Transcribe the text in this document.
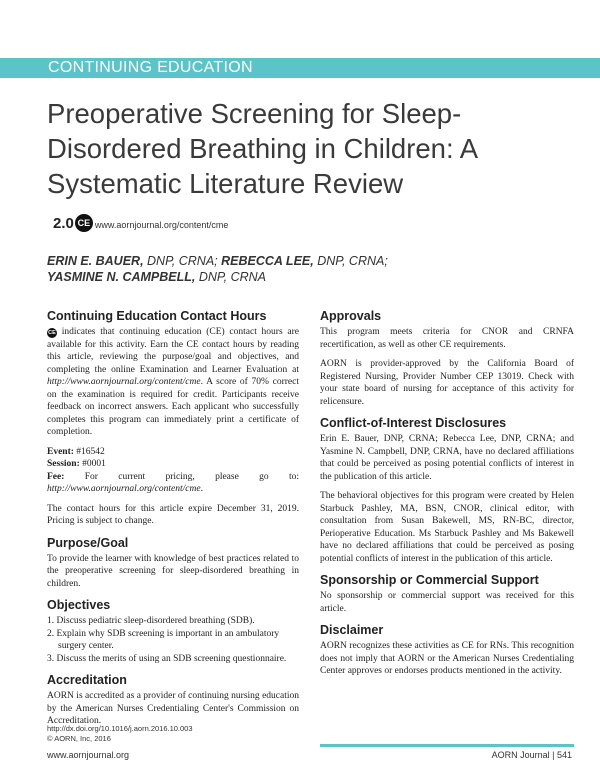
CONTINUING EDUCATION
Preoperative Screening for Sleep-Disordered Breathing in Children: A Systematic Literature Review 2.0 CE www.aornjournal.org/content/cme
ERIN E. BAUER, DNP, CRNA; REBECCA LEE, DNP, CRNA;
YASMINE N. CAMPBELL, DNP, CRNA
Continuing Education Contact Hours

CE indicates that continuing education (CE) contact hours are available for this activity. Earn the CE contact hours by reading this article, reviewing the purpose/goal and objectives, and completing the online Examination and Learner Evaluation at http://www.aornjournal.org/content/cme. A score of 70% correct on the examination is required for credit. Participants receive feedback on incorrect answers. Each applicant who successfully completes this program can immediately print a certificate of completion.

Event: #16542

Session: #0001

Fee: For current pricing, please go to: http://www.aornjournal.org/content/cme.

The contact hours for this article expire December 31, 2019. Pricing is subject to change.

Purpose/Goal

To provide the learner with knowledge of best practices related to the preoperative screening for sleep-disordered breathing in children.

Objectives
1. Discuss pediatric sleep-disordered breathing (SDB).
2. Explain why SDB screening is important in an ambulatory surgery center.
3. Discuss the merits of using an SDB screening questionnaire.
Accreditation

AORN is accredited as a provider of continuing nursing education by the American Nurses Credentialing Center's Commission on Accreditation.

Approvals

This program meets criteria for CNOR and CRNFA recertification, as well as other CE requirements.

AORN is provider-approved by the California Board of Registered Nursing, Provider Number CEP 13019. Check with your state board of nursing for acceptance of this activity for relicensure.

Conflict-of-Interest Disclosures

Erin E. Bauer, DNP, CRNA; Rebecca Lee, DNP, CRNA; and Yasmine N. Campbell, DNP, CRNA, have no declared affiliations that could be perceived as posing potential conflicts of interest in the publication of this article.

The behavioral objectives for this program were created by Helen Starbuck Pashley, MA, BSN, CNOR, clinical editor, with consultation from Susan Bakewell, MS, RN-BC, director, Perioperative Education. Ms Starbuck Pashley and Ms Bakewell have no declared affiliations that could be perceived as posing potential conflicts of interest in the publication of this article.

Sponsorship or Commercial Support

No sponsorship or commercial support was received for this article.

Disclaimer

AORN recognizes these activities as CE for RNs. This recognition does not imply that AORN or the American Nurses Credentialing Center approves or endorses products mentioned in the activity.

http://dx.doi.org/10.1016/j.aorn.2016.10.003
© AORN, Inc, 2016
www.aornjournal.org	AORN Journal | 541
